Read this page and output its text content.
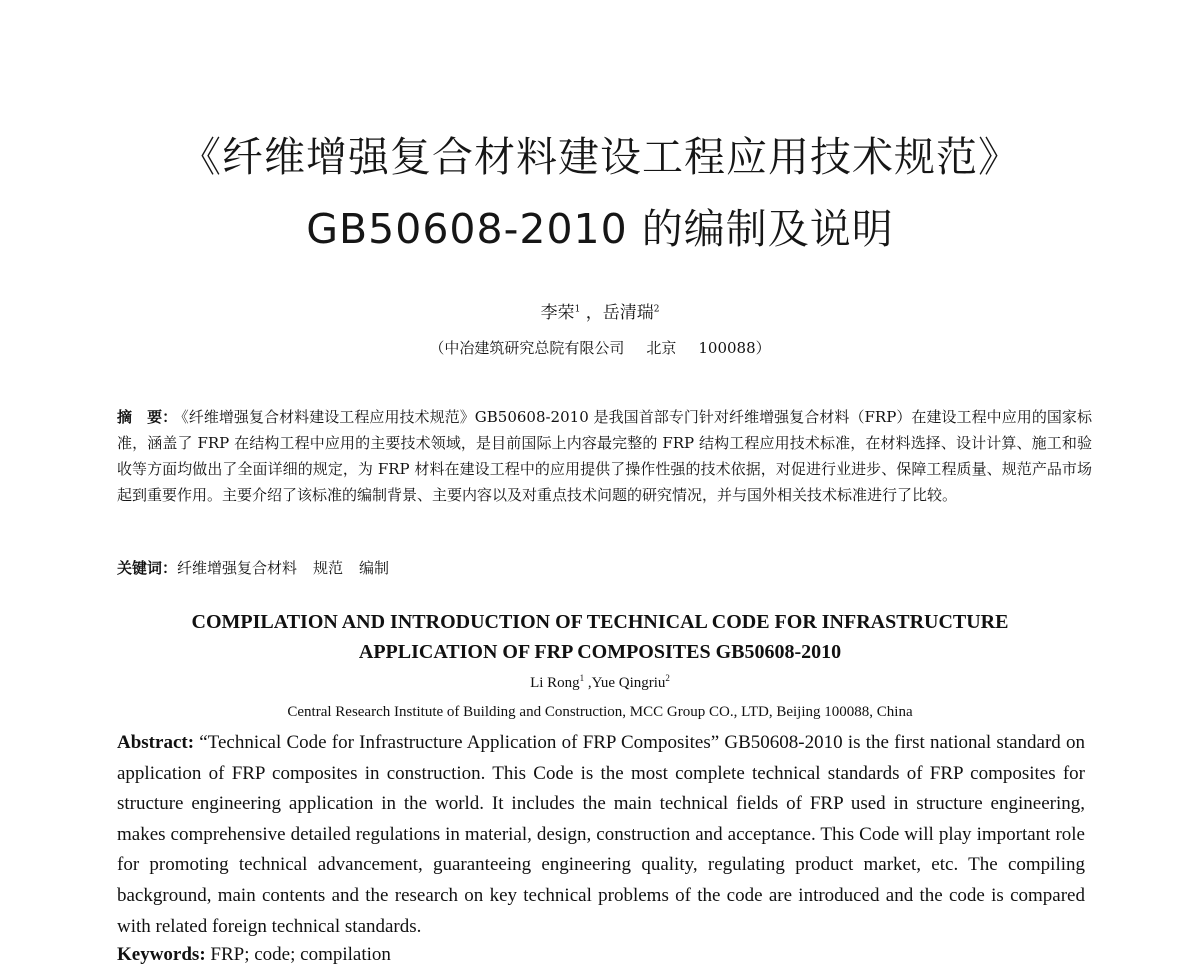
《纤维增强复合材料建设工程应用技术规范》
GB50608-2010 的编制及说明
李荣$^1$ ，岳清瑞$^2$
（中冶建筑研究总院有限公司 北京 100088）
摘　要： 《纤维增强复合材料建设工程应用技术规范》GB50608-2010 是我国首部专门针对纤维增强复合材料（FRP）在建设工程中应用的国家标准，涵盖了 FRP 在结构工程中应用的主要技术领域，是目前国际上内容最完整的 FRP 结构工程应用技术标准，在材料选择、设计计算、施工和验收等方面均做出了全面详细的规定，为 FRP 材料在建设工程中的应用提供了操作性强的技术依据，对促进行业进步、保障工程质量、规范产品市场起到重要作用。主要介绍了该标准的编制背景、主要内容以及对重点技术问题的研究情况，并与国外相关技术标准进行了比较。
关键词：纤维增强复合材料 规范 编制
COMPILATION AND INTRODUCTION OF TECHNICAL CODE FOR INFRASTRUCTURE
APPLICATION OF FRP COMPOSITES GB50608-2010
Li Rong$^1$ ,Yue Qingriu$^2$
Central Research Institute of Building and Construction, MCC Group CO., LTD, Beijing 100088, China
Abstract: “Technical Code for Infrastructure Application of FRP Composites” GB50608-2010 is the first national standard on application of FRP composites in construction. This Code is the most complete technical standards of FRP composites for structure engineering application in the world. It includes the main technical fields of FRP used in structure engineering, makes comprehensive detailed regulations in material, design, construction and acceptance. This Code will play important role for promoting technical advancement, guaranteeing engineering quality, regulating product market, etc. The compiling background, main contents and the research on key technical problems of the code are introduced and the code is compared with related foreign technical standards.
Keywords: FRP; code; compilation
